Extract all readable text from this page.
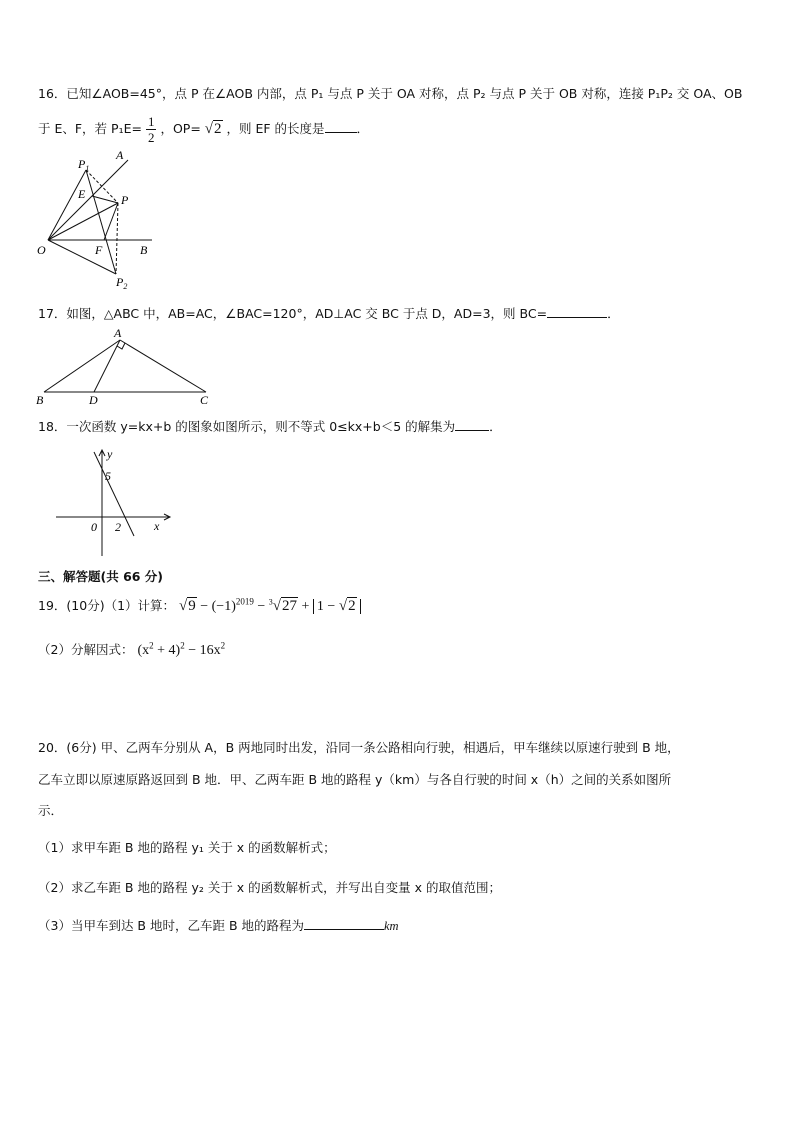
16．已知∠AOB=45°，点 P 在∠AOB 内部，点 P₁ 与点 P 关于 OA 对称，点 P₂ 与点 P 关于 OB 对称，连接 P₁P₂ 交 OA、OB
于 E、F，若 $P_1E= \frac{1}{2}$ ，OP= √2 ，则 EF 的长度是	．
$P_1$
A
E	P
O	F	B
$P_2$
17．如图，△ABC 中，AB=AC，∠BAC=120°，AD⊥AC 交 BC 于点 D，AD=3，则 BC=	．
A
B	D	C
18．一次函数 y=kx+b 的图象如图所示，则不等式 0≤kx+b＜5 的解集为	．
y
5
0 2	x
三、解答题(共 66 分)
19．(10分)（1）计算： $√9 - (-1)^{2019} - ^3√27 + 1 - √2$
（2）分解因式： $(x^2 + 4)^2 - 16x^2$
20．(6分) 甲、乙两车分别从 A，B 两地同时出发，沿同一条公路相向行驶，相遇后，甲车继续以原速行驶到 B 地，
乙车立即以原速原路返回到 B 地．甲、乙两车距 B 地的路程 y（km）与各自行驶的时间 x（h）之间的关系如图所
示．
（1）求甲车距 B 地的路程 y₁ 关于 x 的函数解析式；
（2）求乙车距 B 地的路程 y₂ 关于 x 的函数解析式，并写出自变量 x 的取值范围；
（3）当甲车到达 B 地时，乙车距 B 地的路程为	km
